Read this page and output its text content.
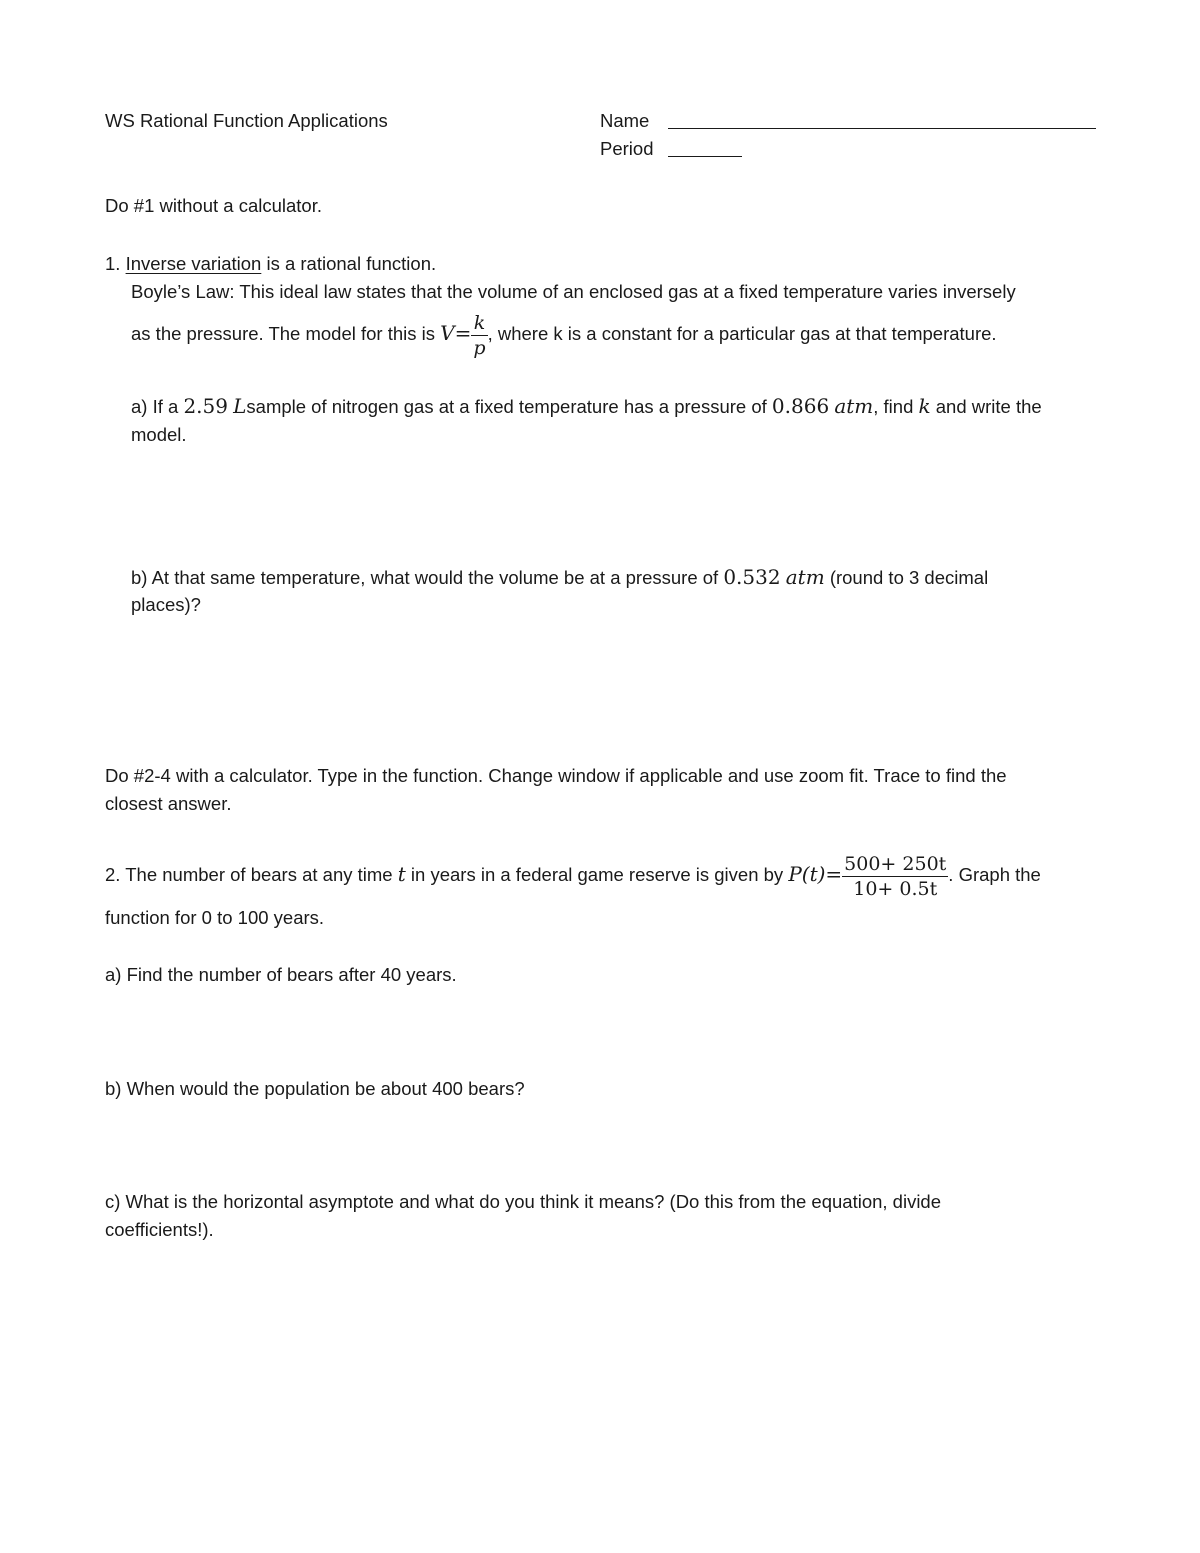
WS Rational Function Applications	Name
Period
Do #1 without a calculator.
1. Inverse variation is a rational function.
Boyle’s Law: This ideal law states that the volume of an enclosed gas at a fixed temperature varies inversely
as the pressure. The model for this is $V= \frac{k}{p}$ , where k is a constant for a particular gas at that temperature.
a) If a 2.59 Lsample of nitrogen gas at a fixed temperature has a pressure of 0.866 atm, find k and write the
model.
b) At that same temperature, what would the volume be at a pressure of 0.532 atm (round to 3 decimal
places)?
Do #2-4 with a calculator. Type in the function. Change window if applicable and use zoom fit. Trace to find the
closest answer.
2. The number of bears at any time t in years in a federal game reserve is given by $P(t)= \frac{500+ 250t}{10+ 0.5t}$ . Graph the
function for 0 to 100 years.
a) Find the number of bears after 40 years.
b) When would the population be about 400 bears?
c) What is the horizontal asymptote and what do you think it means? (Do this from the equation, divide
coefficients!).
